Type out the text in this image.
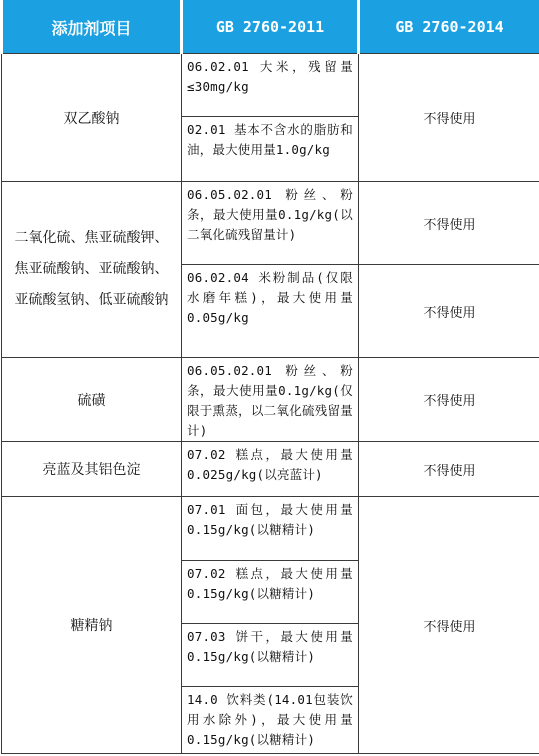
添加剂项目	GB 2760-2011	GB 2760-2014
双乙酸钠	06.02.01 大米，残留量≤30mg/kg	不得使用
	02.01 基本不含水的脂肪和油，最大使用量1.0g/kg	
二氧化硫、焦亚硫酸钾、焦亚硫酸钠、亚硫酸钠、亚硫酸氢钠、低亚硫酸钠	06.05.02.01 粉丝、粉条，最大使用量0.1g/kg(以二氧化硫残留量计)	不得使用
	06.02.04 米粉制品(仅限水磨年糕)，最大使用量0.05g/kg	不得使用
硫磺	06.05.02.01 粉丝、粉条，最大使用量0.1g/kg(仅限于熏蒸，以二氧化硫残留量计)	不得使用
亮蓝及其铝色淀	07.02 糕点，最大使用量0.025g/kg(以亮蓝计)	不得使用
糖精钠	07.01 面包，最大使用量0.15g/kg(以糖精计)	不得使用
	07.02 糕点，最大使用量0.15g/kg(以糖精计)	
	07.03 饼干，最大使用量0.15g/kg(以糖精计)	
	14.0 饮料类(14.01包装饮用水除外)，最大使用量0.15g/kg(以糖精计)	
